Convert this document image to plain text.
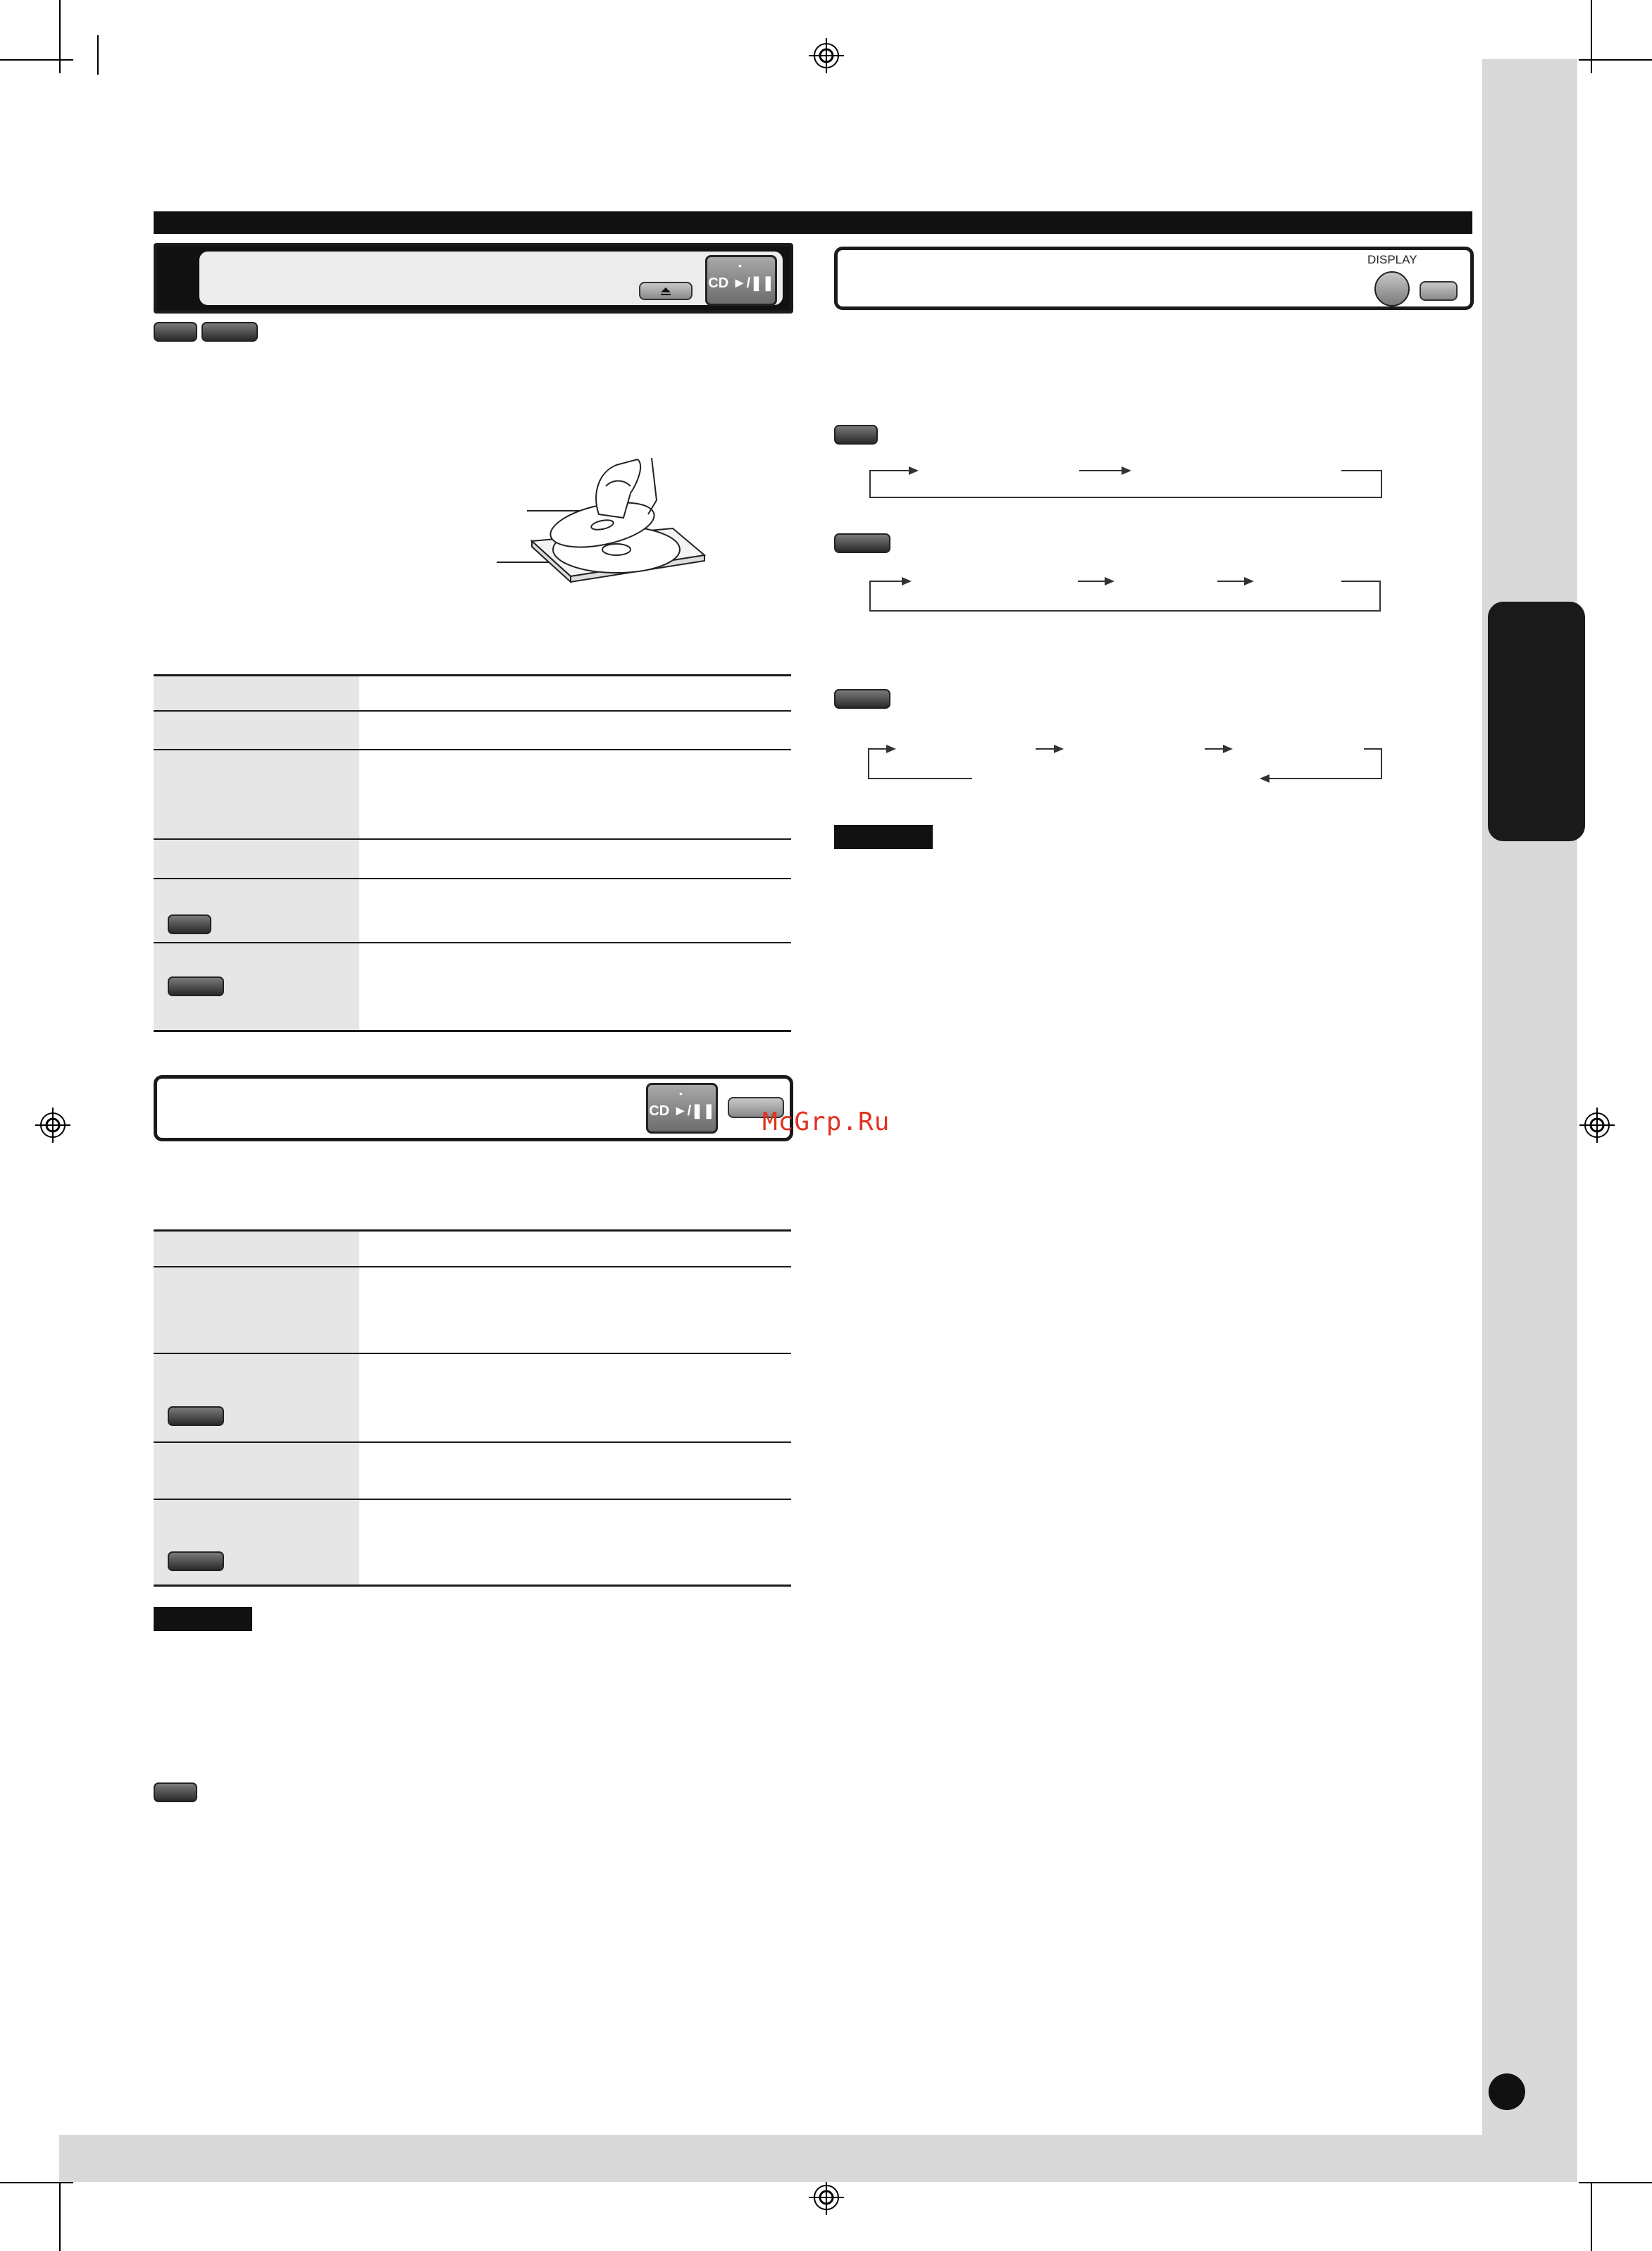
•
CD ►/❚❚
•
CD ►/❚❚
DISPLAY
McGrp.Ru
